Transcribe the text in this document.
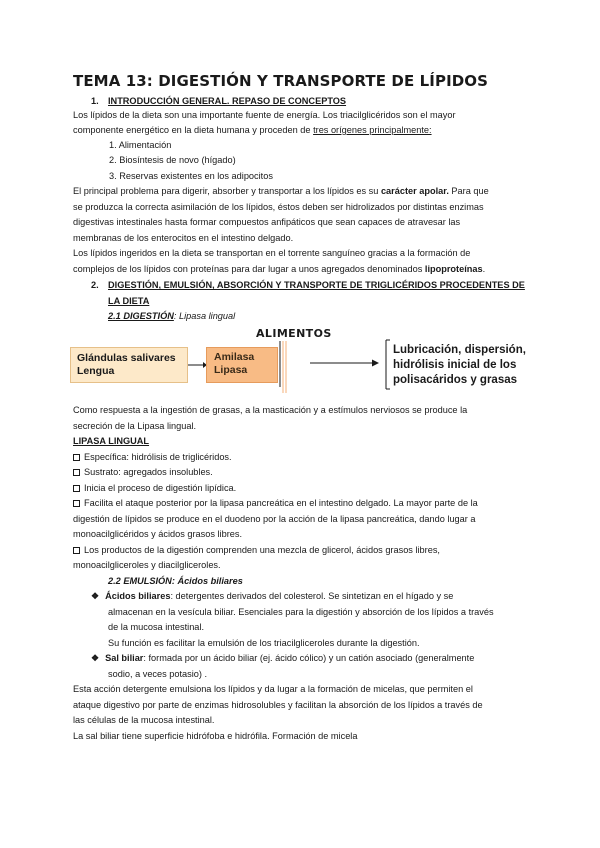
TEMA 13: DIGESTIÓN Y TRANSPORTE DE LÍPIDOS
1. INTRODUCCIÓN GENERAL. REPASO DE CONCEPTOS
Los lípidos de la dieta son una importante fuente de energía. Los triacilglicéridos son el mayor
componente energético en la dieta humana y proceden de tres orígenes principalmente:
1. Alimentación
2. Biosíntesis de novo (hígado)
3. Reservas existentes en los adipocitos
El principal problema para digerir, absorber y transportar a los lípidos es su carácter apolar. Para que
se produzca la correcta asimilación de los lípidos, éstos deben ser hidrolizados por distintas enzimas
digestivas intestinales hasta formar compuestos anfipáticos que sean capaces de atravesar las
membranas de los enterocitos en el intestino delgado.
Los lípidos ingeridos en la dieta se transportan en el torrente sanguíneo gracias a la formación de
complejos de los lípidos con proteínas para dar lugar a unos agregados denominados lipoproteínas.
2. DIGESTIÓN, EMULSIÓN, ABSORCIÓN Y TRANSPORTE DE TRIGLICÉRIDOS PROCEDENTES DE
LA DIETA
2.1 DIGESTIÓN: Lipasa lingual
ALIMENTOS
Glándulas salivares
Lengua
Amilasa
Lipasa
Lubricación, dispersión,
hidrólisis inicial de los
polisacáridos y grasas
Como respuesta a la ingestión de grasas, a la masticación y a estímulos nerviosos se produce la
secreción de la Lipasa lingual.
LIPASA LINGUAL
Específica: hidrólisis de triglicéridos.
Sustrato: agregados insolubles.
Inicia el proceso de digestión lipídica.
Facilita el ataque posterior por la lipasa pancreática en el intestino delgado. La mayor parte de la
digestión de lípidos se produce en el duodeno por la acción de la lipasa pancreática, dando lugar a
monoacilglicéridos y ácidos grasos libres.
Los productos de la digestión comprenden una mezcla de glicerol, ácidos grasos libres,
monoacilgliceroles y diacilgliceroles.
2.2 EMULSIÓN: Ácidos biliares
❖ Ácidos biliares: detergentes derivados del colesterol. Se sintetizan en el hígado y se
almacenan en la vesícula biliar. Esenciales para la digestión y absorción de los lípidos a través
de la mucosa intestinal.
Su función es facilitar la emulsión de los triacilgliceroles durante la digestión.
❖ Sal biliar: formada por un ácido biliar (ej. ácido cólico) y un catión asociado (generalmente
sodio, a veces potasio) .
Esta acción detergente emulsiona los lípidos y da lugar a la formación de micelas, que permiten el
ataque digestivo por parte de enzimas hidrosolubles y facilitan la absorción de los lípidos a través de
las células de la mucosa intestinal.
La sal biliar tiene superficie hidrófoba e hidrófila. Formación de micela
